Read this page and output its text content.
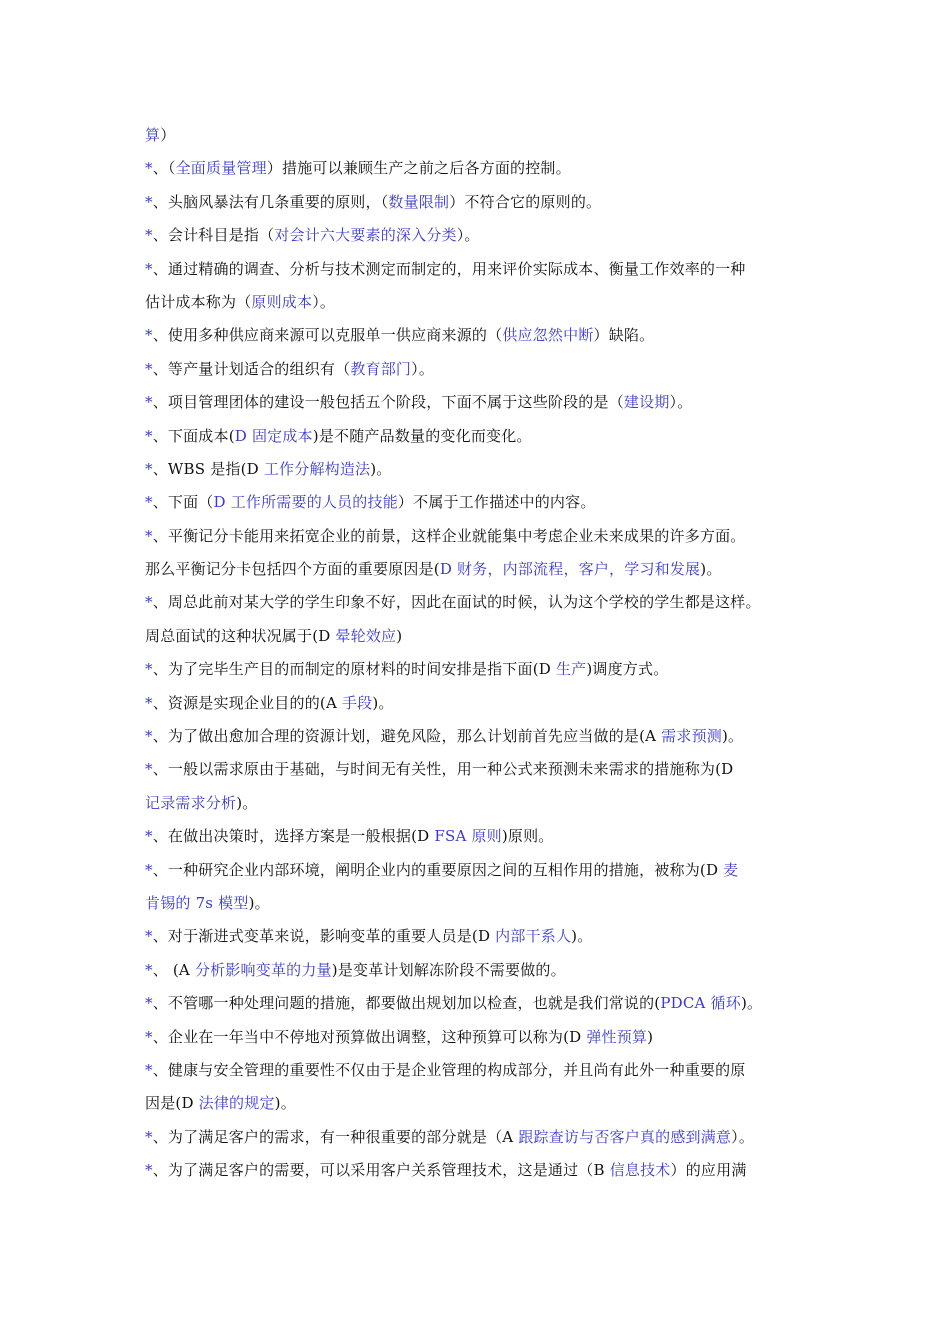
算）
*、（全面质量管理）措施可以兼顾生产之前之后各方面的控制。
*、头脑风暴法有几条重要的原则，（数量限制）不符合它的原则的。
*、会计科目是指（对会计六大要素的深入分类）。
*、通过精确的调查、分析与技术测定而制定的，用来评价实际成本、衡量工作效率的一种
估计成本称为（原则成本）。
*、使用多种供应商来源可以克服单一供应商来源的（供应忽然中断）缺陷。
*、等产量计划适合的组织有（教育部门）。
*、项目管理团体的建设一般包括五个阶段，下面不属于这些阶段的是（建设期）。
*、下面成本(D 固定成本)是不随产品数量的变化而变化。
*、WBS 是指(D 工作分解构造法)。
*、下面（D 工作所需要的人员的技能）不属于工作描述中的内容。
*、平衡记分卡能用来拓宽企业的前景，这样企业就能集中考虑企业未来成果的许多方面。
那么平衡记分卡包括四个方面的重要原因是(D 财务，内部流程，客户，学习和发展)。
*、周总此前对某大学的学生印象不好，因此在面试的时候，认为这个学校的学生都是这样。
周总面试的这种状况属于(D 晕轮效应)
*、为了完毕生产目的而制定的原材料的时间安排是指下面(D 生产)调度方式。
*、资源是实现企业目的的(A 手段)。
*、为了做出愈加合理的资源计划，避免风险，那么计划前首先应当做的是(A 需求预测)。
*、一般以需求原由于基础，与时间无有关性，用一种公式来预测未来需求的措施称为(D
记录需求分析)。
*、在做出决策时，选择方案是一般根据(D FSA 原则)原则。
*、一种研究企业内部环境，阐明企业内的重要原因之间的互相作用的措施，被称为(D 麦
肯锡的 7s 模型)。
*、对于渐进式变革来说，影响变革的重要人员是(D 内部干系人)。
*、 (A 分析影响变革的力量)是变革计划解冻阶段不需要做的。
*、不管哪一种处理问题的措施，都要做出规划加以检查，也就是我们常说的(PDCA 循环)。
*、企业在一年当中不停地对预算做出调整，这种预算可以称为(D 弹性预算)
*、健康与安全管理的重要性不仅由于是企业管理的构成部分，并且尚有此外一种重要的原
因是(D 法律的规定)。
*、为了满足客户的需求，有一种很重要的部分就是（A 跟踪查访与否客户真的感到满意）。
*、为了满足客户的需要，可以采用客户关系管理技术，这是通过（B 信息技术）的应用满
